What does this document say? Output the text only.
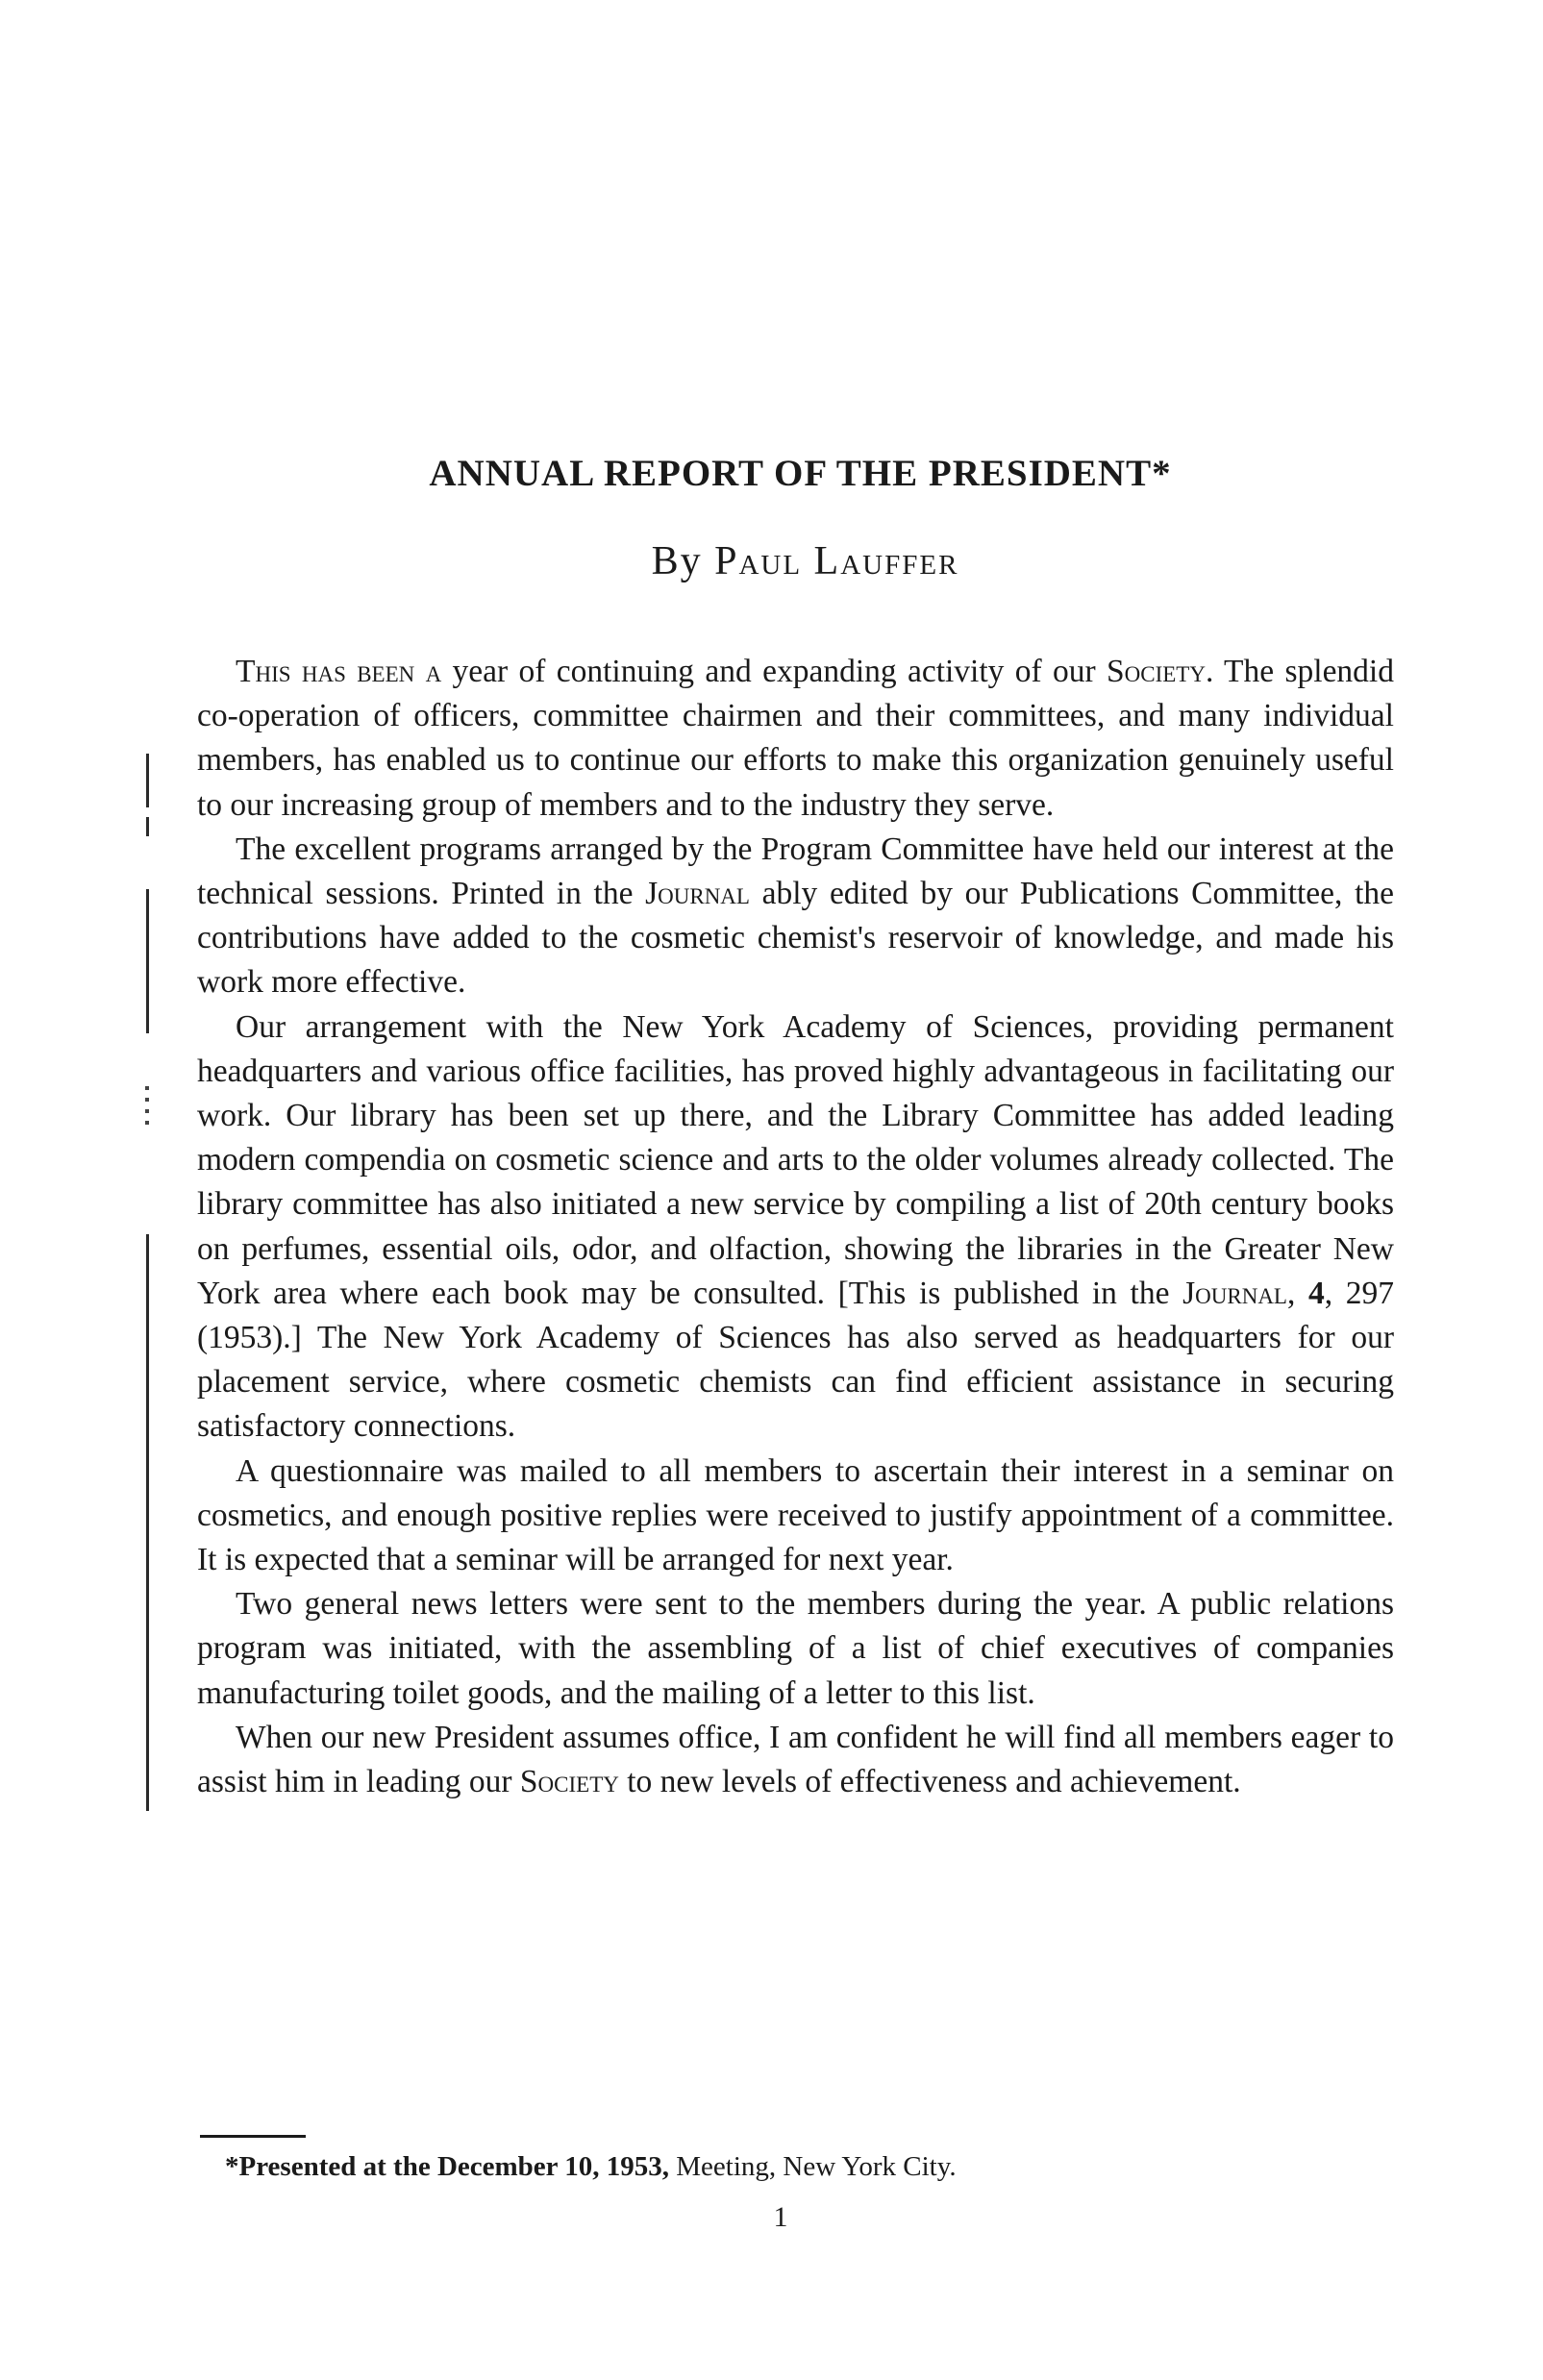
ANNUAL REPORT OF THE PRESIDENT*
By Paul Lauffer

This has been a year of continuing and expanding activity of our Society. The splendid co-operation of officers, committee chairmen and their committees, and many individual members, has enabled us to continue our efforts to make this organization genuinely useful to our increasing group of members and to the industry they serve.

The excellent programs arranged by the Program Committee have held our interest at the technical sessions. Printed in the Journal ably edited by our Publications Committee, the contributions have added to the cosmetic chemist's reservoir of knowledge, and made his work more effective.

Our arrangement with the New York Academy of Sciences, providing permanent headquarters and various office facilities, has proved highly advantageous in facilitating our work. Our library has been set up there, and the Library Committee has added leading modern compendia on cosmetic science and arts to the older volumes already collected. The library committee has also initiated a new service by compiling a list of 20th century books on perfumes, essential oils, odor, and olfaction, showing the libraries in the Greater New York area where each book may be consulted. [This is published in the Journal, 4, 297 (1953).] The New York Academy of Sciences has also served as headquarters for our placement service, where cosmetic chemists can find efficient assistance in securing satisfactory connections.

A questionnaire was mailed to all members to ascertain their interest in a seminar on cosmetics, and enough positive replies were received to justify appointment of a committee. It is expected that a seminar will be arranged for next year.

Two general news letters were sent to the members during the year. A public relations program was initiated, with the assembling of a list of chief executives of companies manufacturing toilet goods, and the mailing of a letter to this list.

When our new President assumes office, I am confident he will find all members eager to assist him in leading our Society to new levels of effectiveness and achievement.

*Presented at the December 10, 1953, Meeting, New York City.

1
